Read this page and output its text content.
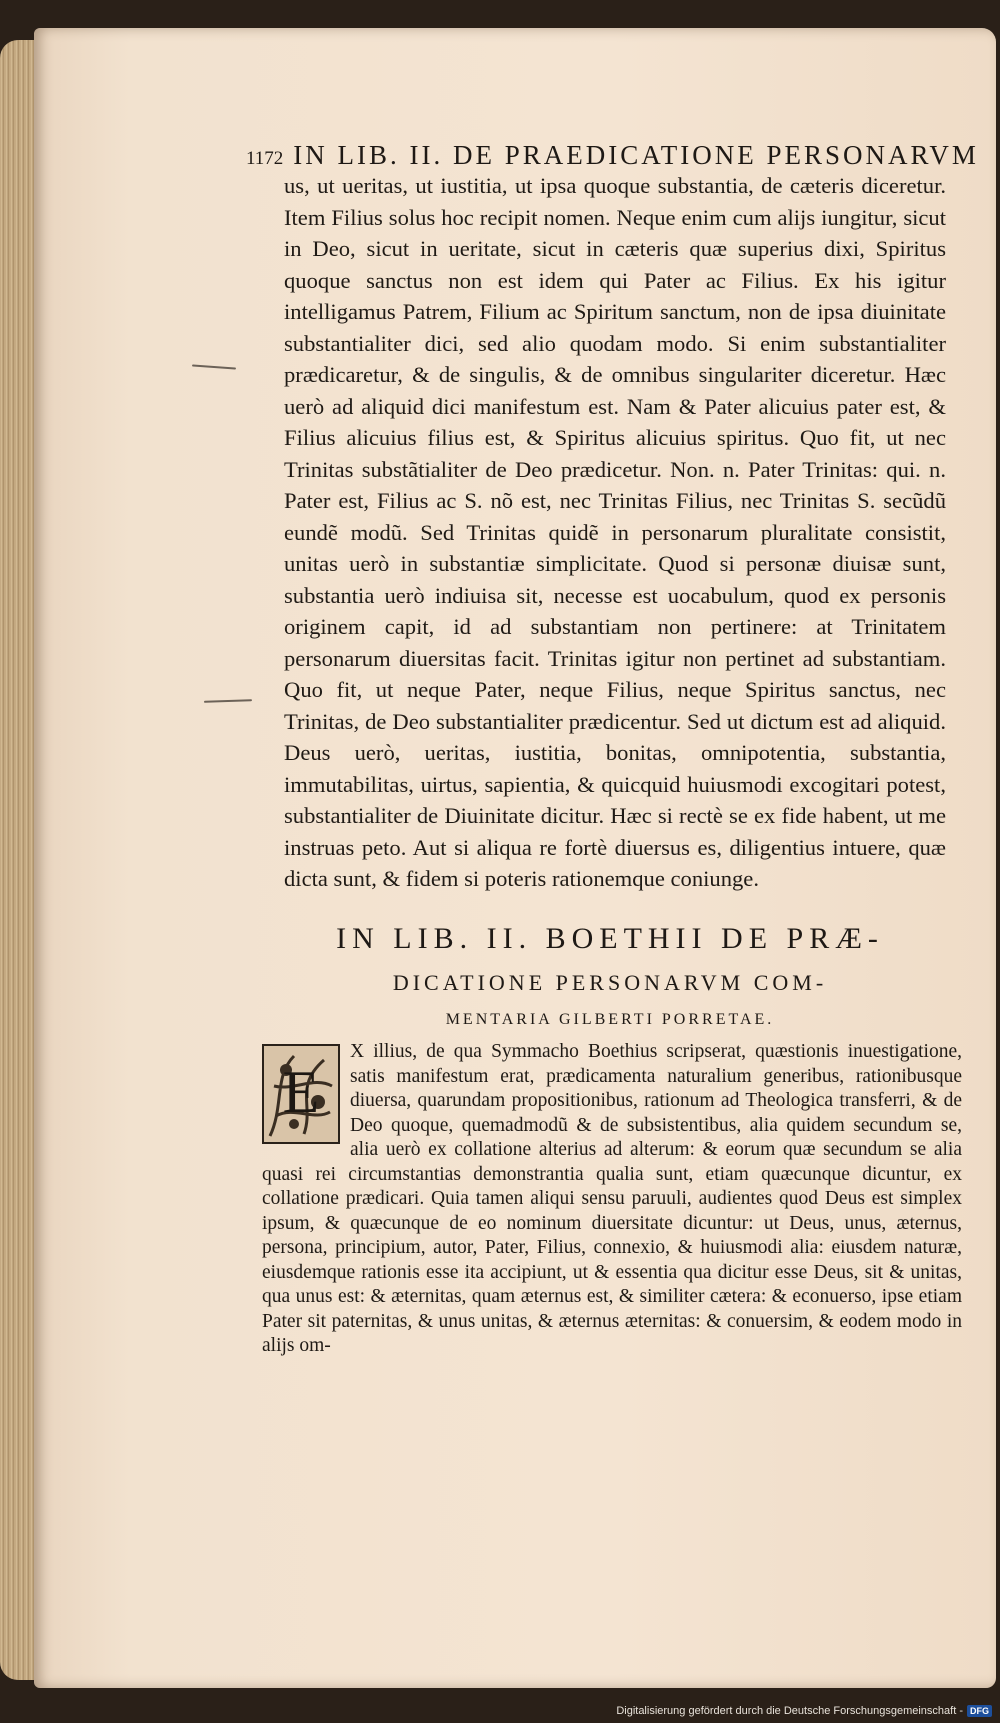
1172 IN LIB. II. DE PRAEDICATIONE PERSONARVM
us, ut ueritas, ut iustitia, ut ipsa quoque substantia, de cæteris diceretur. Item Filius solus hoc recipit nomen. Neque enim cum alijs iungitur, sicut in Deo, sicut in ueritate, sicut in cæteris quæ superius dixi, Spiritus quoque sanctus non est idem qui Pater ac Filius. Ex his igitur intelligamus Patrem, Filium ac Spiritum sanctum, non de ipsa diuinitate substantialiter dici, sed alio quodam modo. Si enim substantialiter prædicaretur, & de singulis, & de omnibus singulariter diceretur. Hæc uerò ad aliquid dici manifestum est. Nam & Pater alicuius pater est, & Filius alicuius filius est, & Spiritus alicuius spiritus. Quo fit, ut nec Trinitas substãtialiter de Deo prædicetur. Non. n. Pater Trinitas: qui. n. Pater est, Filius ac S. nõ est, nec Trinitas Filius, nec Trinitas S. secũdũ eundẽ modũ. Sed Trinitas quidẽ in personarum pluralitate consistit, unitas uerò in substantiæ simplicitate. Quod si personæ diuisæ sunt, substantia uerò indiuisa sit, necesse est uocabulum, quod ex personis originem capit, id ad substantiam non pertinere: at Trinitatem personarum diuersitas facit. Trinitas igitur non pertinet ad substantiam. Quo fit, ut neque Pater, neque Filius, neque Spiritus sanctus, nec Trinitas, de Deo substantialiter prædicentur. Sed ut dictum est ad aliquid. Deus uerò, ueritas, iustitia, bonitas, omnipotentia, substantia, immutabilitas, uirtus, sapientia, & quicquid huiusmodi excogitari potest, substantialiter de Diuinitate dicitur. Hæc si rectè se ex fide habent, ut me instruas peto. Aut si aliqua re fortè diuersus es, diligentius intuere, quæ dicta sunt, & fidem si poteris rationemque coniunge.
IN LIB. II. BOETHII DE PRÆ-
DICATIONE PERSONARVM COM-
MENTARIA GILBERTI PORRETAE.
E
X illius, de qua Symmacho Boethius scripserat, quæstionis inuestigatione, satis manifestum erat, prædicamenta naturalium generibus, rationibusque diuersa, quarundam propositionibus, rationum ad Theologica transferri, & de Deo quoque, quemadmodũ & de subsistentibus, alia quidem secundum se, alia uerò ex collatione alterius ad alterum: & eorum quæ secundum se alia quasi rei circumstantias demonstrantia qualia sunt, etiam quæcunque dicuntur, ex collatione prædicari. Quia tamen aliqui sensu paruuli, audientes quod Deus est simplex ipsum, & quæcunque de eo nominum diuersitate dicuntur: ut Deus, unus, æternus, persona, principium, autor, Pater, Filius, connexio, & huiusmodi alia: eiusdem naturæ, eiusdemque rationis esse ita accipiunt, ut & essentia qua dicitur esse Deus, sit & unitas, qua unus est: & æternitas, quam æternus est, & similiter cætera: & econuerso, ipse etiam Pater sit paternitas, & unus unitas, & æternus æternitas: & conuersim, & eodem modo in alijs om-
Digitalisierung gefördert durch die Deutsche Forschungsgemeinschaft - DFG
